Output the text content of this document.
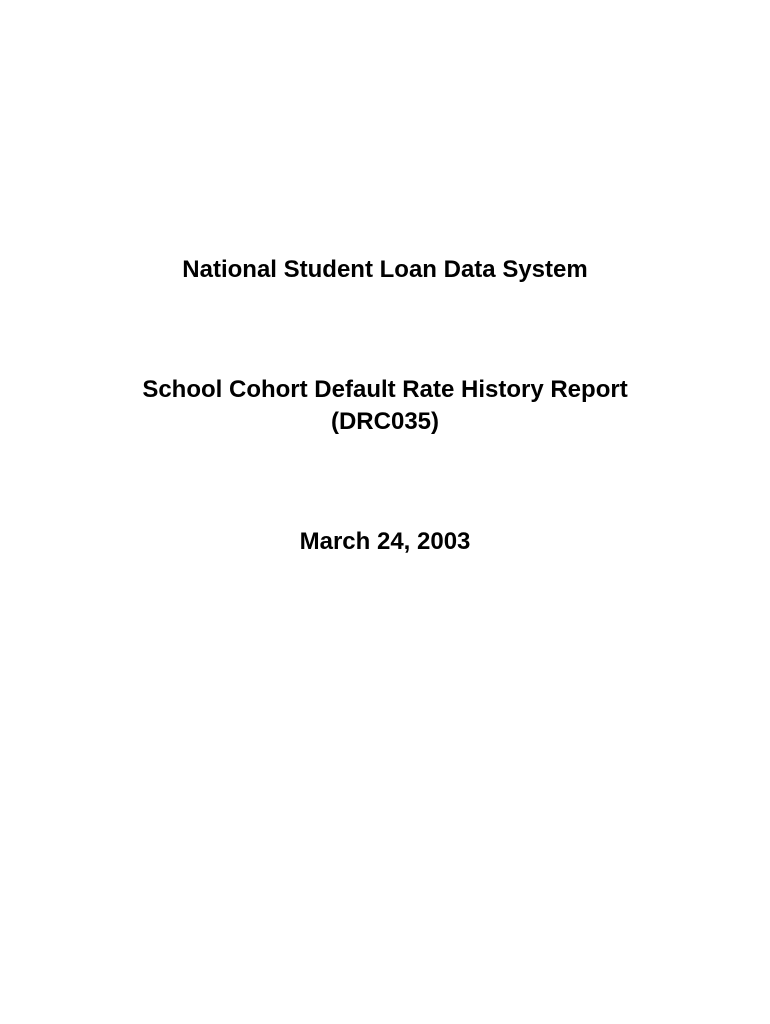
National Student Loan Data System
School Cohort Default Rate History Report
(DRC035)
March 24, 2003
